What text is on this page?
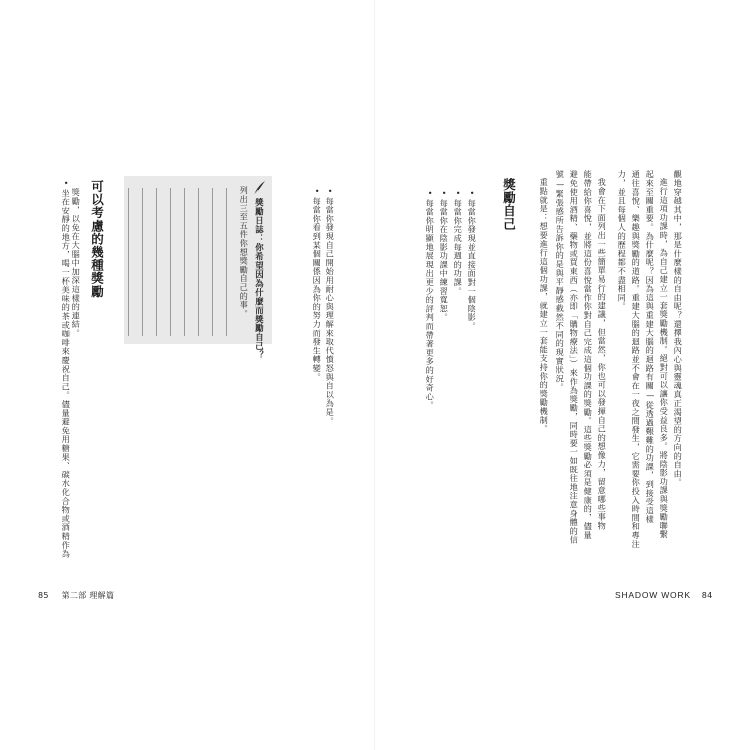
獎勵，以免在大腦中加深這樣的連結。
•坐在安靜的地方，喝一杯美味的茶或咖啡來慶祝自己。儘量避免用糖果、碳水化合物或酒精作為 可以考慮的幾種獎勵	獎勵日誌：你希望因為什麼而獎勵自己？
列出三至五件你想獎勵自己的事。	•每當你看到某個關係因為你的努力而發生轉變。 •每當你發現自己開始用耐心與理解來取代憤怒與自以為是。
85 第二部 理解篇
•每當你明顯地展現出更少的評判而帶著更多的好奇心。 •每當你在陰影功課中練習寬恕。 •每當你完成每週的功課。 •每當你發現並直接面對一個陰影。 獎勵自己	重點就是：想要進行這個功課，就建立一套能支持你的獎勵機制。 號—緊張感所告訴你的是與平靜感截然不同的現實狀況。 避免使用酒精、藥物或買東西（亦即「購物療法」）來作為獎勵，同時要一如既往地注意身體的信 能帶給你喜悅，並將這份喜悅當作你對自己完成這個功課的獎勵。這些獎勵必須是健康的，儘量 我會在下面列出一些簡單易行的建議，但當然，你也可以發揮自己的想像力，留意哪些事物 力，並且每個人的歷程都不盡相同。 通往喜悅、樂趣與獎勵的道路。重建大腦的迴路並不會在一夜之間發生，它需要你投入時間和專注 起來至關重要。為什麼呢？因為這與重建大腦的迴路有關—從透過艱難的功課，到接受這樣 進行這項功課時，為自己建立一套獎勵機制。絕對可以讓你受益良多。將陰影功課與獎勵聯繫 觀地穿越其中，那是什麼樣的自由呢？還擇我內心與靈魂真正渴望的方向的自由。
SHADOW WORK 84
